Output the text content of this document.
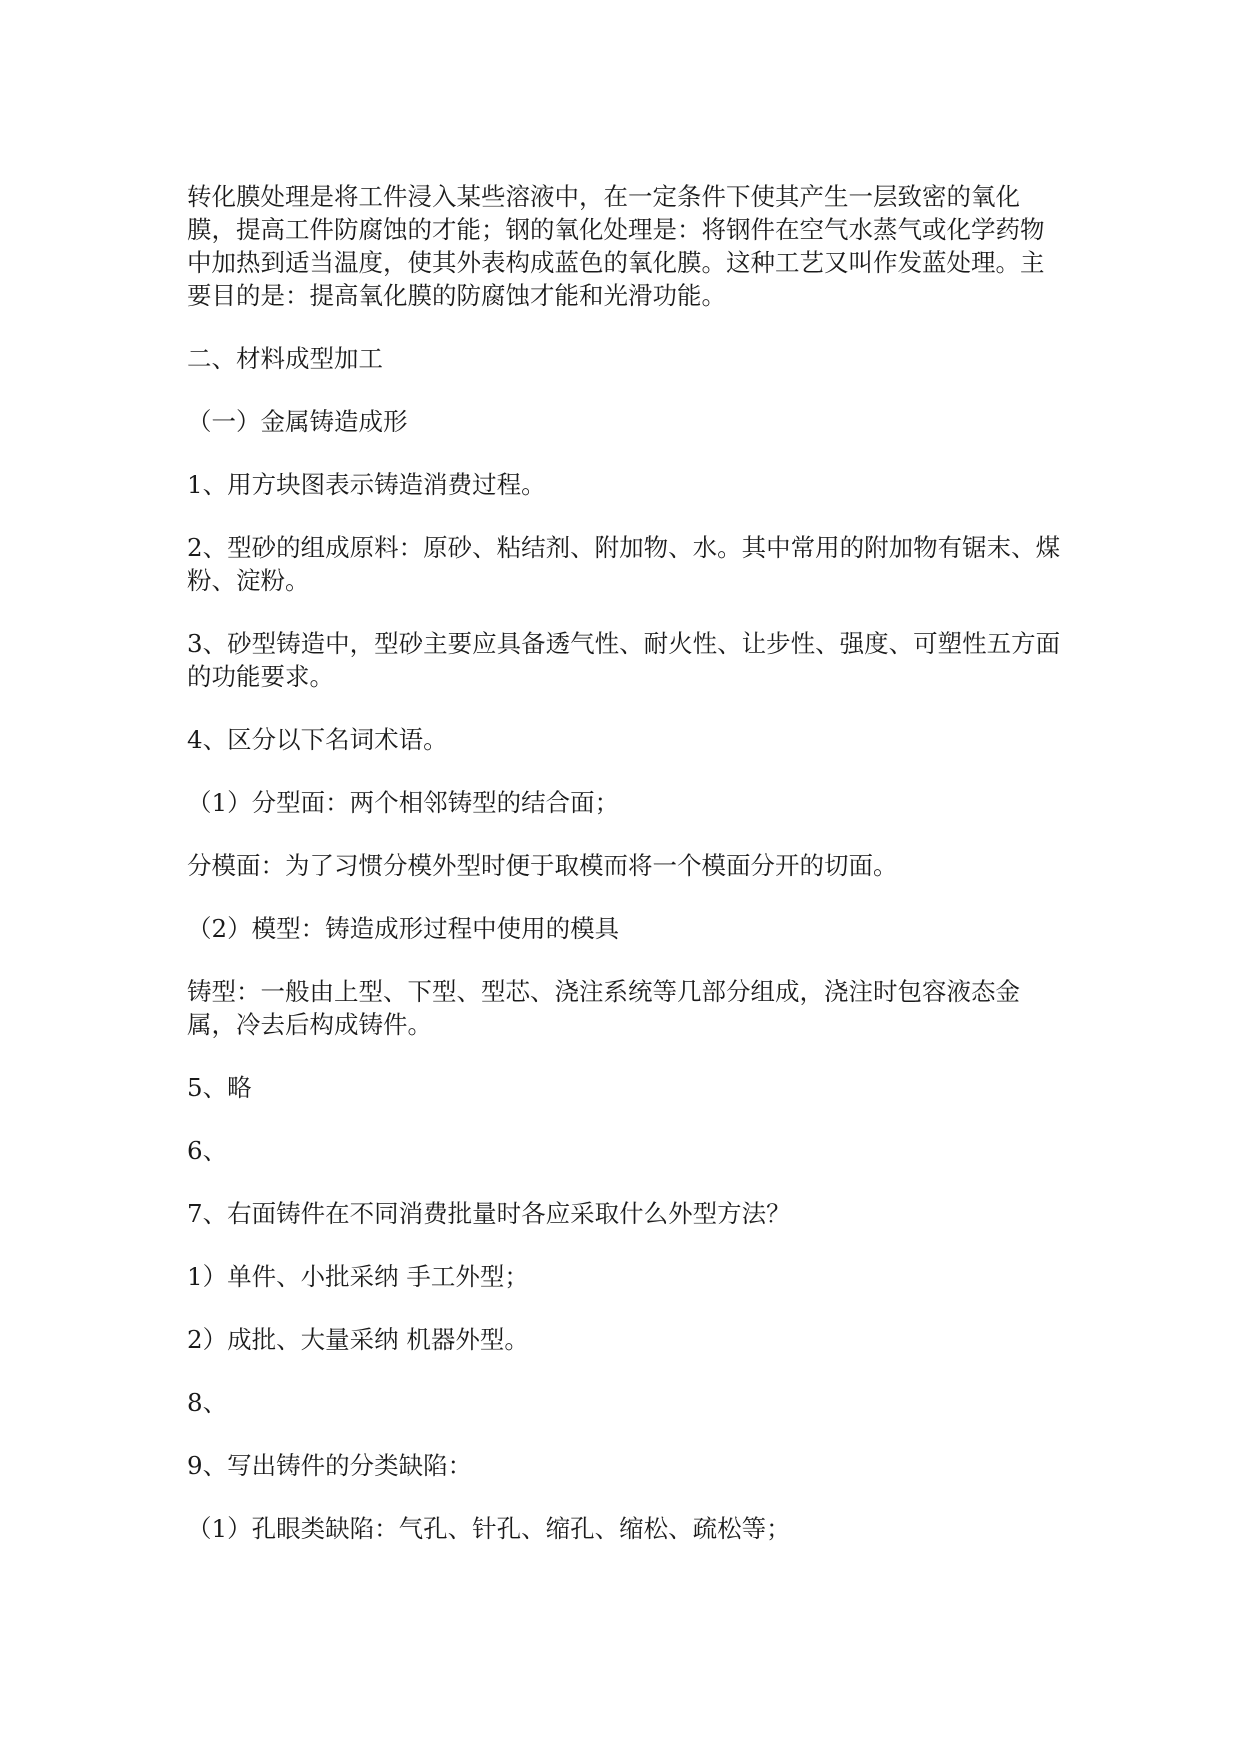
转化膜处理是将工件浸入某些溶液中，在一定条件下使其产生一层致密的氧化膜，提高工件防腐蚀的才能；钢的氧化处理是：将钢件在空气水蒸气或化学药物中加热到适当温度，使其外表构成蓝色的氧化膜。这种工艺又叫作发蓝处理。主要目的是：提高氧化膜的防腐蚀才能和光滑功能。

二、材料成型加工

（一）金属铸造成形

1、用方块图表示铸造消费过程。

2、型砂的组成原料：原砂、粘结剂、附加物、水。其中常用的附加物有锯末、煤粉、淀粉。

3、砂型铸造中，型砂主要应具备透气性、耐火性、让步性、强度、可塑性五方面的功能要求。

4、区分以下名词术语。

（1）分型面：两个相邻铸型的结合面；

分模面：为了习惯分模外型时便于取模而将一个模面分开的切面。

（2）模型：铸造成形过程中使用的模具

铸型：一般由上型、下型、型芯、浇注系统等几部分组成，浇注时包容液态金属，冷去后构成铸件。

5、略

6、

7、右面铸件在不同消费批量时各应采取什么外型方法？

1）单件、小批采纳 手工外型；

2）成批、大量采纳 机器外型。

8、

9、写出铸件的分类缺陷：

（1）孔眼类缺陷：气孔、针孔、缩孔、缩松、疏松等；
